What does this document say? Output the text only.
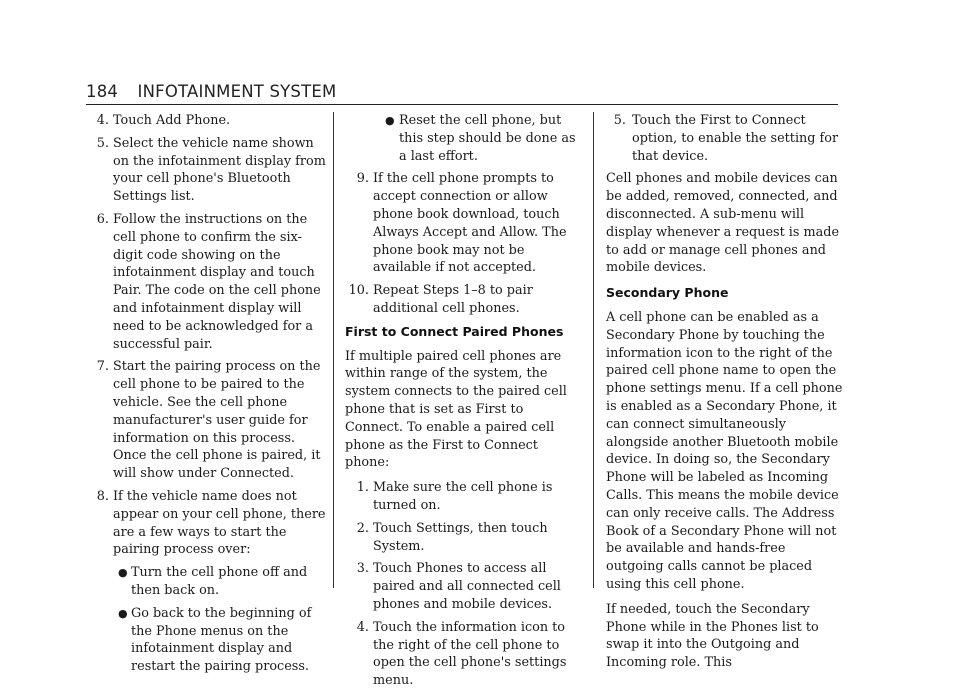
184 INFOTAINMENT SYSTEM
4. Touch Add Phone.
5. Select the vehicle name shown on the infotainment display from your cell phone's Bluetooth Settings list.
6. Follow the instructions on the cell phone to confirm the six-digit code showing on the infotainment display and touch Pair. The code on the cell phone and infotainment display will need to be acknowledged for a successful pair.
7. Start the pairing process on the cell phone to be paired to the vehicle. See the cell phone manufacturer's user guide for information on this process. Once the cell phone is paired, it will show under Connected.
8. If the vehicle name does not appear on your cell phone, there are a few ways to start the pairing process over:
● Turn the cell phone off and then back on.
● Go back to the beginning of the Phone menus on the infotainment display and restart the pairing process.
● Reset the cell phone, but this step should be done as a last effort.
9. If the cell phone prompts to accept connection or allow phone book download, touch Always Accept and Allow. The phone book may not be available if not accepted.
10. Repeat Steps 1–8 to pair additional cell phones.
First to Connect Paired Phones

If multiple paired cell phones are within range of the system, the system connects to the paired cell phone that is set as First to Connect. To enable a paired cell phone as the First to Connect phone:

1. Make sure the cell phone is turned on.
2. Touch Settings, then touch System.
3. Touch Phones to access all paired and all connected cell phones and mobile devices.
4. Touch the information icon to the right of the cell phone to open the cell phone's settings menu.
5. Touch the First to Connect option, to enable the setting for that device.

Cell phones and mobile devices can be added, removed, connected, and disconnected. A sub-menu will display whenever a request is made to add or manage cell phones and mobile devices.

Secondary Phone

A cell phone can be enabled as a Secondary Phone by touching the information icon to the right of the paired cell phone name to open the phone settings menu. If a cell phone is enabled as a Secondary Phone, it can connect simultaneously alongside another Bluetooth mobile device. In doing so, the Secondary Phone will be labeled as Incoming Calls. This means the mobile device can only receive calls. The Address Book of a Secondary Phone will not be available and hands-free outgoing calls cannot be placed using this cell phone.

If needed, touch the Secondary Phone while in the Phones list to swap it into the Outgoing and Incoming role. This
